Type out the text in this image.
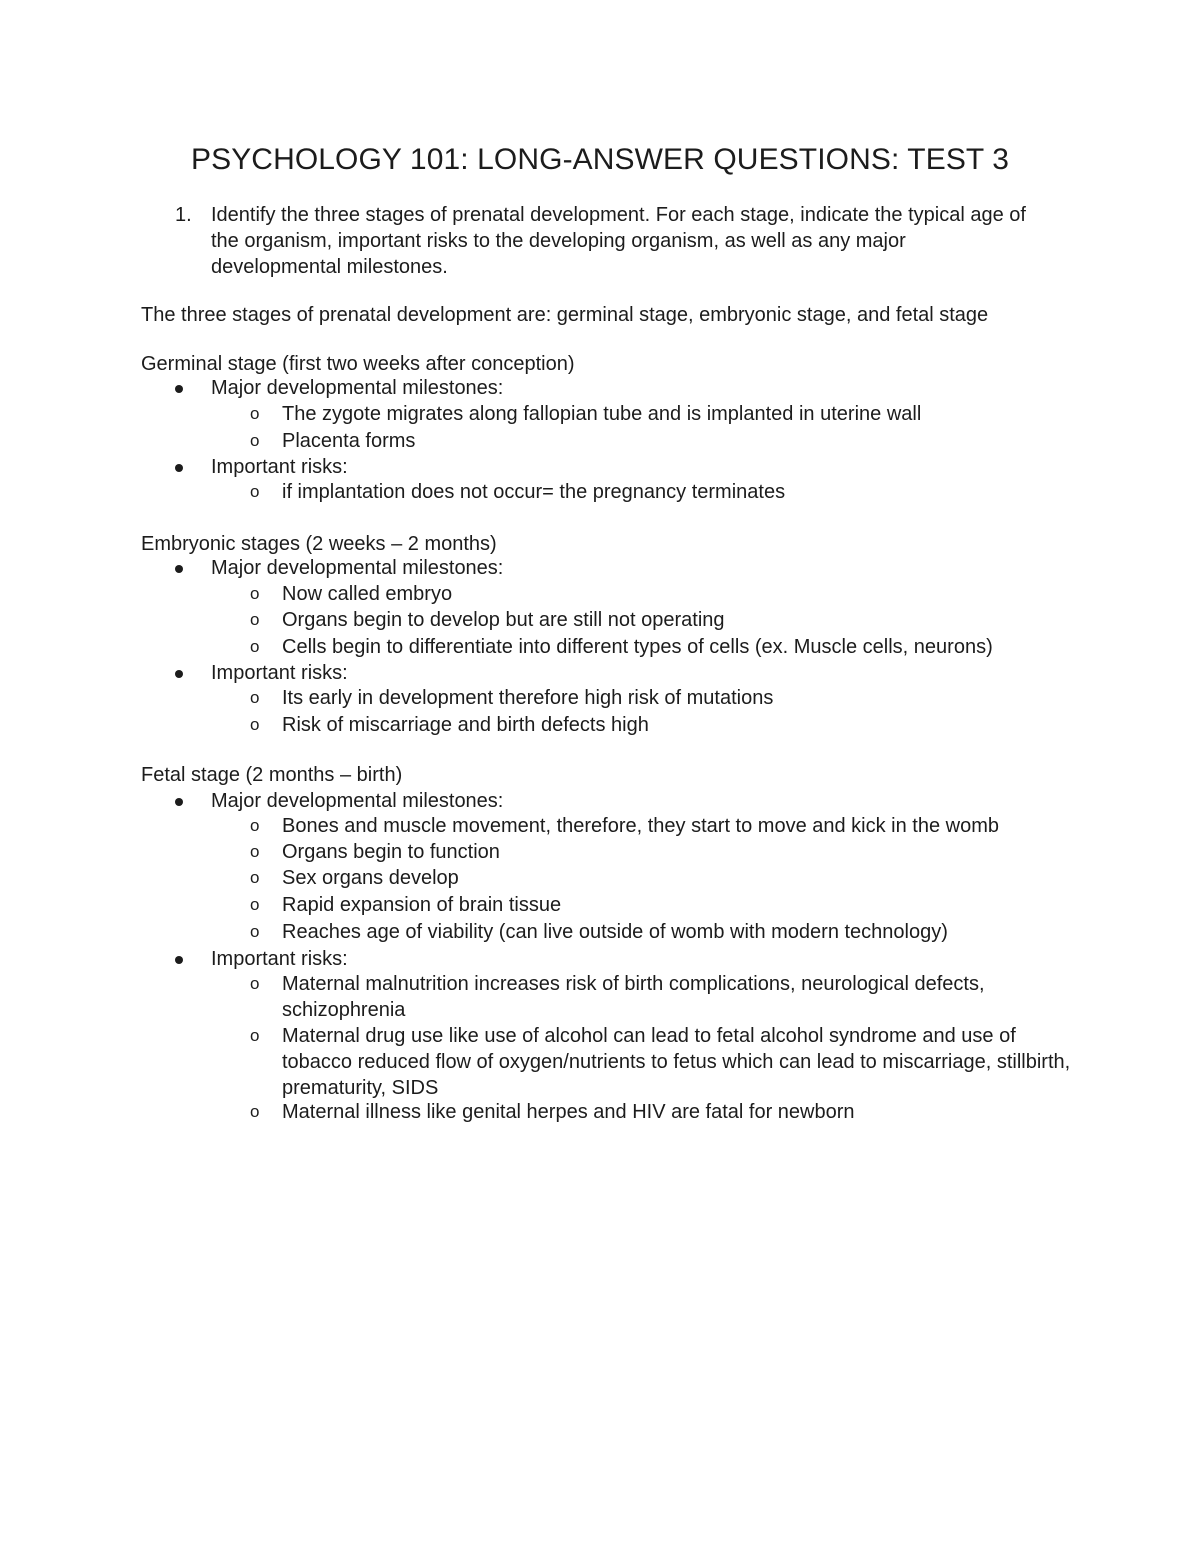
PSYCHOLOGY 101: LONG-ANSWER QUESTIONS: TEST 3
1. Identify the three stages of prenatal development. For each stage, indicate the typical age of the organism, important risks to the developing organism, as well as any major developmental milestones.
The three stages of prenatal development are: germinal stage, embryonic stage, and fetal stage
Germinal stage (first two weeks after conception)
Major developmental milestones:
o The zygote migrates along fallopian tube and is implanted in uterine wall
o Placenta forms
Important risks:
o if implantation does not occur= the pregnancy terminates
Embryonic stages (2 weeks – 2 months)
Major developmental milestones:
o Now called embryo
o Organs begin to develop but are still not operating
o Cells begin to differentiate into different types of cells (ex. Muscle cells, neurons)
Important risks:
o Its early in development therefore high risk of mutations
o Risk of miscarriage and birth defects high
Fetal stage (2 months – birth)
Major developmental milestones:
o Bones and muscle movement, therefore, they start to move and kick in the womb
o Organs begin to function
o Sex organs develop
o Rapid expansion of brain tissue
o Reaches age of viability (can live outside of womb with modern technology)
Important risks:
o Maternal malnutrition increases risk of birth complications, neurological defects, schizophrenia
o Maternal drug use like use of alcohol can lead to fetal alcohol syndrome and use of tobacco reduced flow of oxygen/nutrients to fetus which can lead to miscarriage, stillbirth, prematurity, SIDS
o Maternal illness like genital herpes and HIV are fatal for newborn
